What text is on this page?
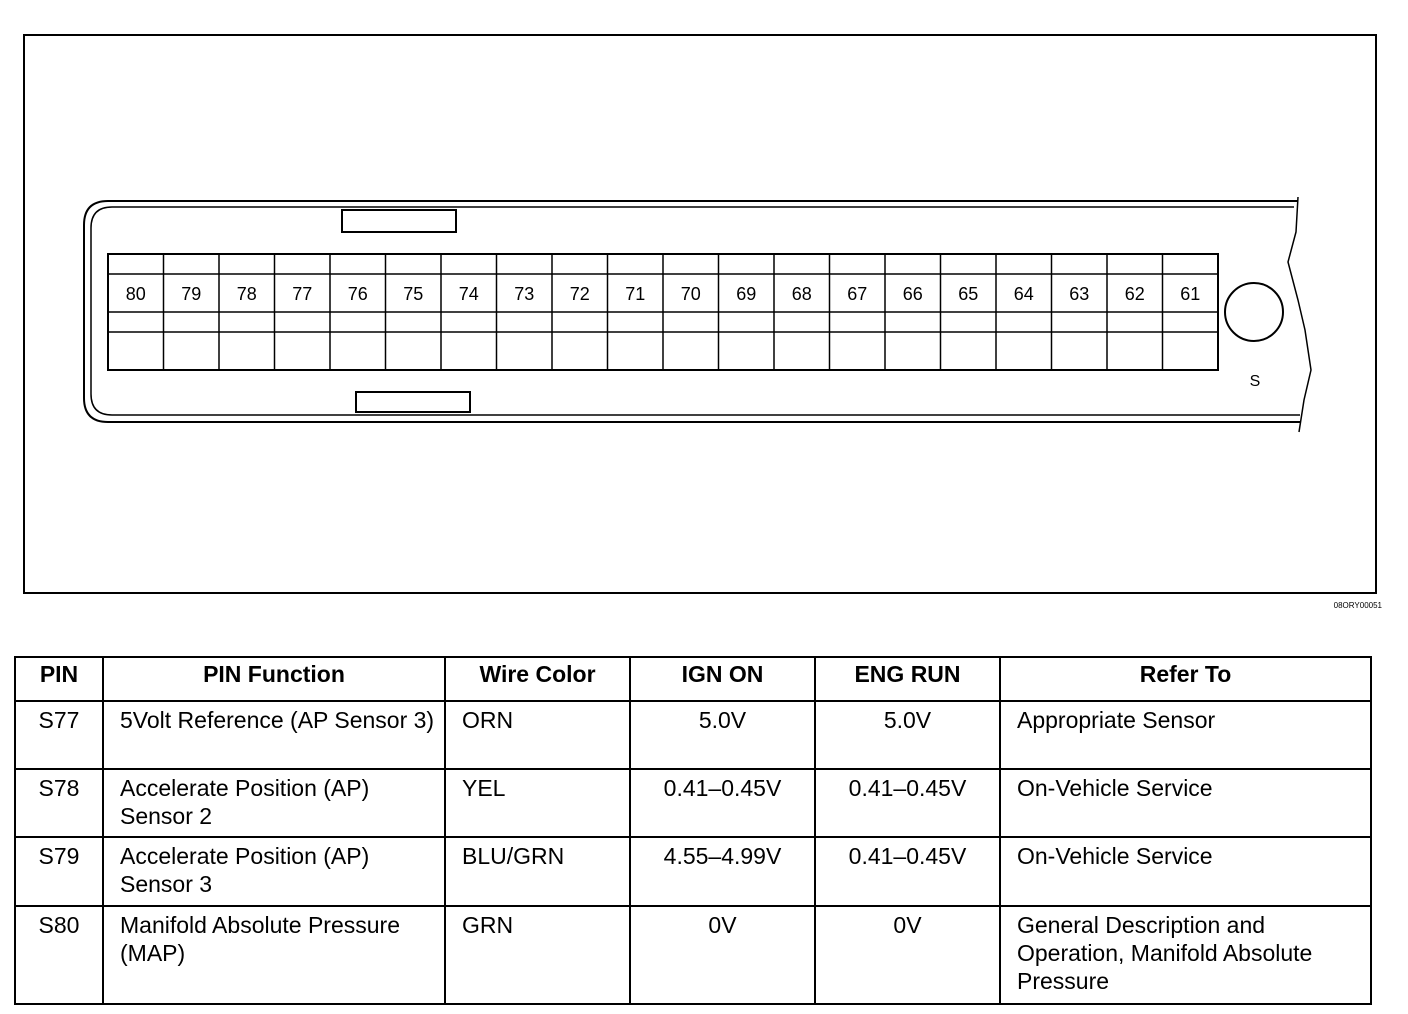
80 79 78 77 76 75 74 73 72 71 70 69 68 67 66 65 64 63 62 61
S
08ORY00051
PIN	PIN Function	Wire Color	IGN ON	ENG RUN	Refer To
S77	5Volt Reference (AP Sensor 3)	ORN	5.0V	5.0V	Appropriate Sensor
S78	Accelerate Position (AP) Sensor 2	YEL	0.41–0.45V	0.41–0.45V	On-Vehicle Service
S79	Accelerate Position (AP) Sensor 3	BLU/GRN	4.55–4.99V	0.41–0.45V	On-Vehicle Service
S80	Manifold Absolute Pressure (MAP)	GRN	0V	0V	General Description and Operation, Manifold Absolute Pressure
